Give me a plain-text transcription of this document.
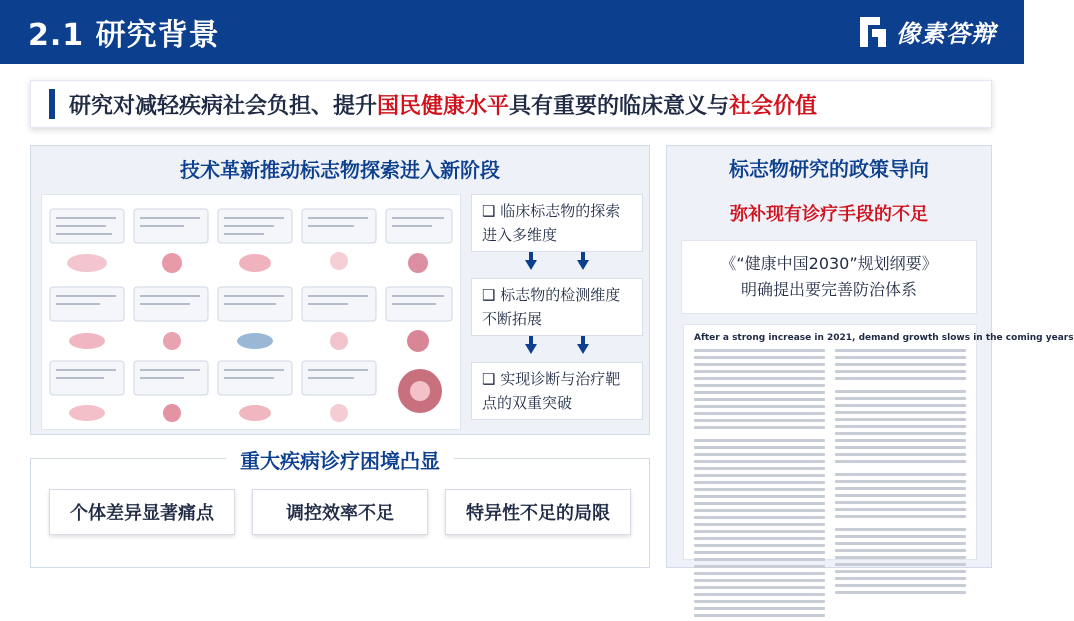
2.1 研究背景	像素答辩
研究对减轻疾病社会负担、提升国民健康水平具有重要的临床意义与社会价值
技术革新推动标志物探索进入新阶段
❑ 临床标志物的探索进入多维度
❑ 标志物的检测维度不断拓展
❑ 实现诊断与治疗靶点的双重突破
重大疾病诊疗困境凸显
个体差异显著痛点	调控效率不足	特异性不足的局限
标志物研究的政策导向
弥补现有诊疗手段的不足
《“健康中国2030”规划纲要》
明确提出要完善防治体系
After a strong increase in 2021, demand growth slows in the coming years
